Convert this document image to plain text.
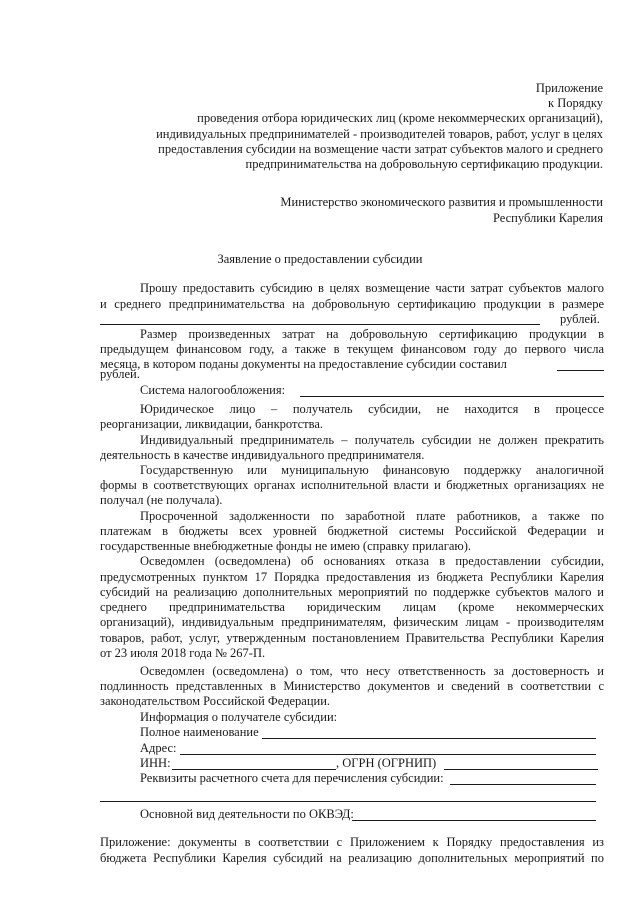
Приложение
к Порядку
проведения отбора юридических лиц (кроме некоммерческих организаций),
индивидуальных предпринимателей - производителей товаров, работ, услуг в целях
предоставления субсидии на возмещение части затрат субъектов малого и среднего
предпринимательства на добровольную сертификацию продукции.
Министерство экономического развития и промышленности
Республики Карелия
Заявление о предоставлении субсидии
Прошу предоставить субсидию в целях возмещение части затрат субъектов малого
и среднего предпринимательства на добровольную сертификацию продукции в размере
рублей.
Размер произведенных затрат на добровольную сертификацию продукции в
предыдущем финансовом году, а также в текущем финансовом году до первого числа
месяца, в котором поданы документы на предоставление субсидии составил
рублей.
Система налогообложения:
Юридическое лицо – получатель субсидии, не находится в процессе
реорганизации, ликвидации, банкротства.
Индивидуальный предприниматель – получатель субсидии не должен прекратить
деятельность в качестве индивидуального предпринимателя.
Государственную или муниципальную финансовую поддержку аналогичной
формы в соответствующих органах исполнительной власти и бюджетных организациях не
получал (не получала).
Просроченной задолженности по заработной плате работников, а также по
платежам в бюджеты всех уровней бюджетной системы Российской Федерации и
государственные внебюджетные фонды не имею (справку прилагаю).
Осведомлен (осведомлена) об основаниях отказа в предоставлении субсидии,
предусмотренных пунктом 17 Порядка предоставления из бюджета Республики Карелия
субсидий на реализацию дополнительных мероприятий по поддержке субъектов малого и
среднего предпринимательства юридическим лицам (кроме некоммерческих
организаций), индивидуальным предпринимателям, физическим лицам - производителям
товаров, работ, услуг, утвержденным постановлением Правительства Республики Карелия
от 23 июля 2018 года № 267-П.
Осведомлен (осведомлена) о том, что несу ответственность за достоверность и
подлинность представленных в Министерство документов и сведений в соответствии с
законодательством Российской Федерации.
Информация о получателе субсидии:
Полное наименование
Адрес:
ИНН:	, ОГРН (ОГРНИП)
Реквизиты расчетного счета для перечисления субсидии:
Основной вид деятельности по ОКВЭД:
Приложение: документы в соответствии с Приложением к Порядку предоставления из
бюджета Республики Карелия субсидий на реализацию дополнительных мероприятий по
